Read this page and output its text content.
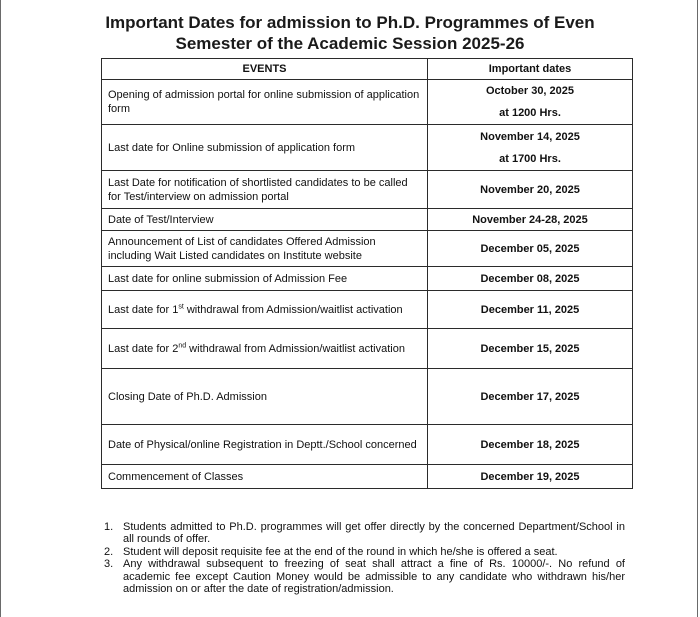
Important Dates for admission to Ph.D. Programmes of Even
Semester of the Academic Session 2025-26
EVENTS	Important dates
Opening of admission portal for online submission of application form	October 30, 2025
at 1200 Hrs.

Last date for Online submission of application form	November 14, 2025
at 1700 Hrs.

Last Date for notification of shortlisted candidates to be called for Test/interview on admission portal	November 20, 2025
Date of Test/Interview	November 24-28, 2025
Announcement of List of candidates Offered Admission including Wait Listed candidates on Institute website	December 05, 2025
Last date for online submission of Admission Fee	December 08, 2025
Last date for 1st withdrawal from Admission/waitlist activation	December 11, 2025
Last date for 2nd withdrawal from Admission/waitlist activation	December 15, 2025
Closing Date of Ph.D. Admission	December 17, 2025
Date of Physical/online Registration in Deptt./School concerned	December 18, 2025
Commencement of Classes	December 19, 2025
1. Students admitted to Ph.D. programmes will get offer directly by the concerned Department/School in all rounds of offer.
2. Student will deposit requisite fee at the end of the round in which he/she is offered a seat.
3. Any withdrawal subsequent to freezing of seat shall attract a fine of Rs. 10000/-. No refund of academic fee except Caution Money would be admissible to any candidate who withdrawn his/her admission on or after the date of registration/admission.
